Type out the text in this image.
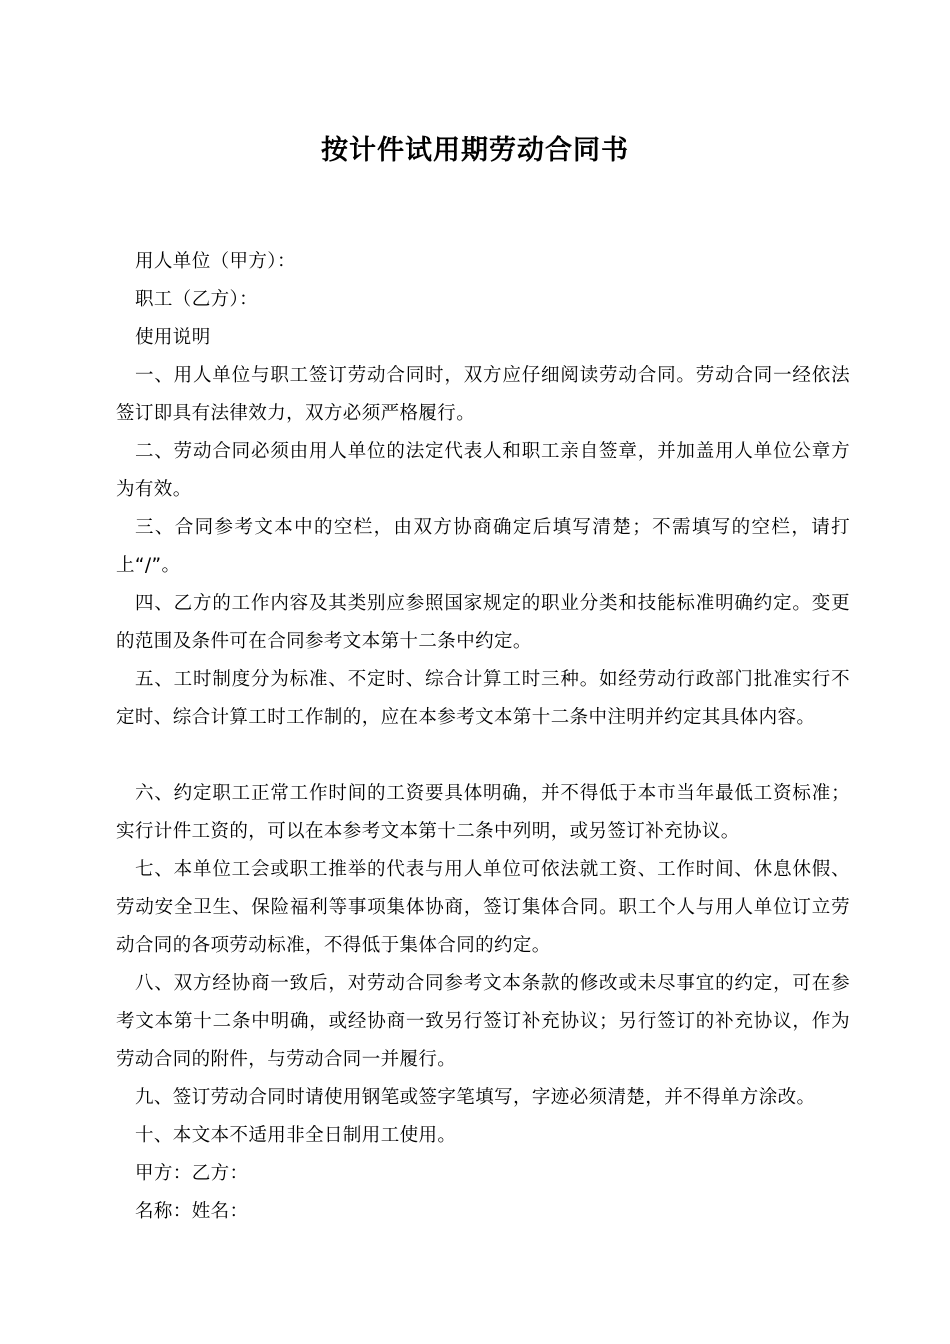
按计件试用期劳动合同书

用人单位（甲方）：

职工（乙方）：

使用说明

一、用人单位与职工签订劳动合同时，双方应仔细阅读劳动合同。劳动合同一经依法签订即具有法律效力，双方必须严格履行。

二、劳动合同必须由用人单位的法定代表人和职工亲自签章，并加盖用人单位公章方为有效。

三、合同参考文本中的空栏，由双方协商确定后填写清楚；不需填写的空栏，请打上“/”。

四、乙方的工作内容及其类别应参照国家规定的职业分类和技能标准明确约定。变更的范围及条件可在合同参考文本第十二条中约定。

五、工时制度分为标准、不定时、综合计算工时三种。如经劳动行政部门批准实行不定时、综合计算工时工作制的，应在本参考文本第十二条中注明并约定其具体内容。

六、约定职工正常工作时间的工资要具体明确，并不得低于本市当年最低工资标准；实行计件工资的，可以在本参考文本第十二条中列明，或另签订补充协议。

七、本单位工会或职工推举的代表与用人单位可依法就工资、工作时间、休息休假、劳动安全卫生、保险福利等事项集体协商，签订集体合同。职工个人与用人单位订立劳动合同的各项劳动标准，不得低于集体合同的约定。

八、双方经协商一致后，对劳动合同参考文本条款的修改或未尽事宜的约定，可在参考文本第十二条中明确，或经协商一致另行签订补充协议；另行签订的补充协议，作为劳动合同的附件，与劳动合同一并履行。

九、签订劳动合同时请使用钢笔或签字笔填写，字迹必须清楚，并不得单方涂改。

十、本文本不适用非全日制用工使用。

甲方：乙方：

名称：姓名：
